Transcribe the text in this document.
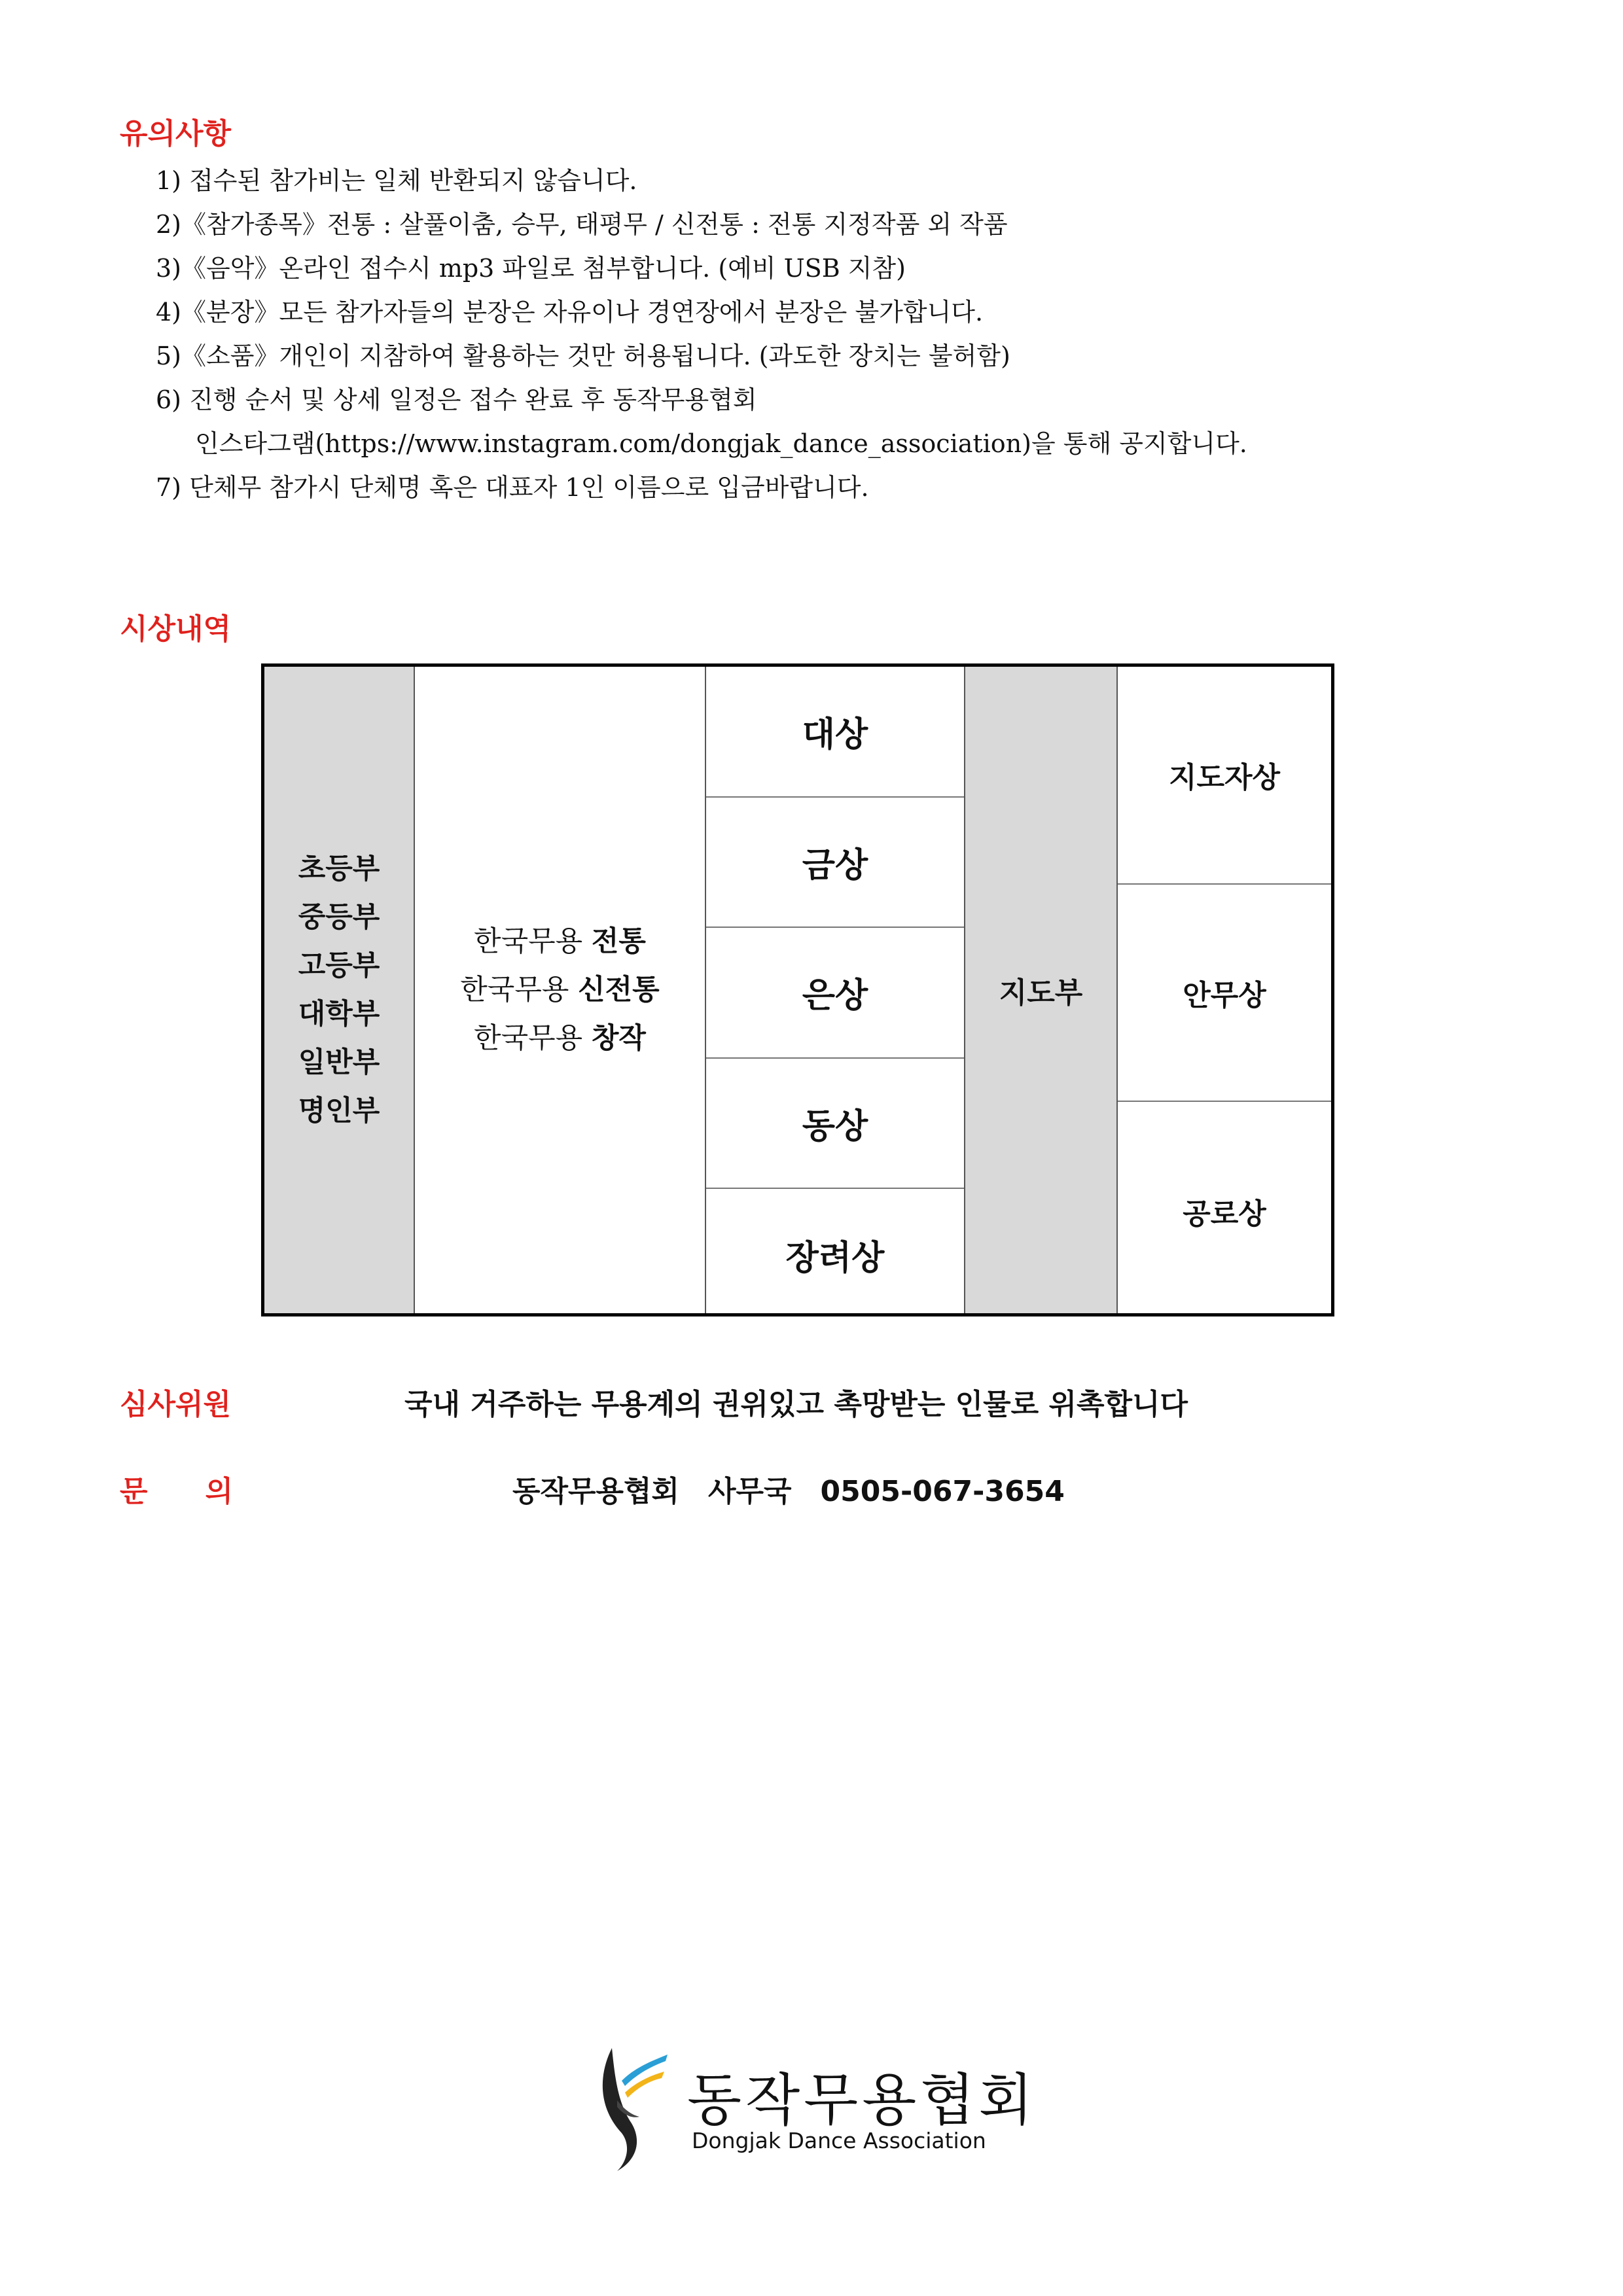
유의사항
1) 접수된 참가비는 일체 반환되지 않습니다.
2)《참가종목》전통 : 살풀이춤, 승무, 태평무 / 신전통 : 전통 지정작품 외 작품
3)《음악》온라인 접수시 mp3 파일로 첨부합니다. (예비 USB 지참)
4)《분장》모든 참가자들의 분장은 자유이나 경연장에서 분장은 불가합니다.
5)《소품》개인이 지참하여 활용하는 것만 허용됩니다. (과도한 장치는 불허함)
6) 진행 순서 및 상세 일정은 접수 완료 후 동작무용협회
인스타그램(https://www.instagram.com/dongjak_dance_association)을 통해 공지합니다.
7) 단체무 참가시 단체명 혹은 대표자 1인 이름으로 입금바랍니다.
시상내역
초등부
중등부
고등부
대학부
일반부
명인부
한국무용 전통
한국무용 신전통
한국무용 창작
대상
금상
은상
동상
장려상
지도부
지도자상
안무상
공로상
심사위원	국내 거주하는 무용계의 권위있고 촉망받는 인물로 위촉합니다
문　　의	동작무용협회　사무국　0505-067-3654
동작무용협회
Dongjak Dance Association
